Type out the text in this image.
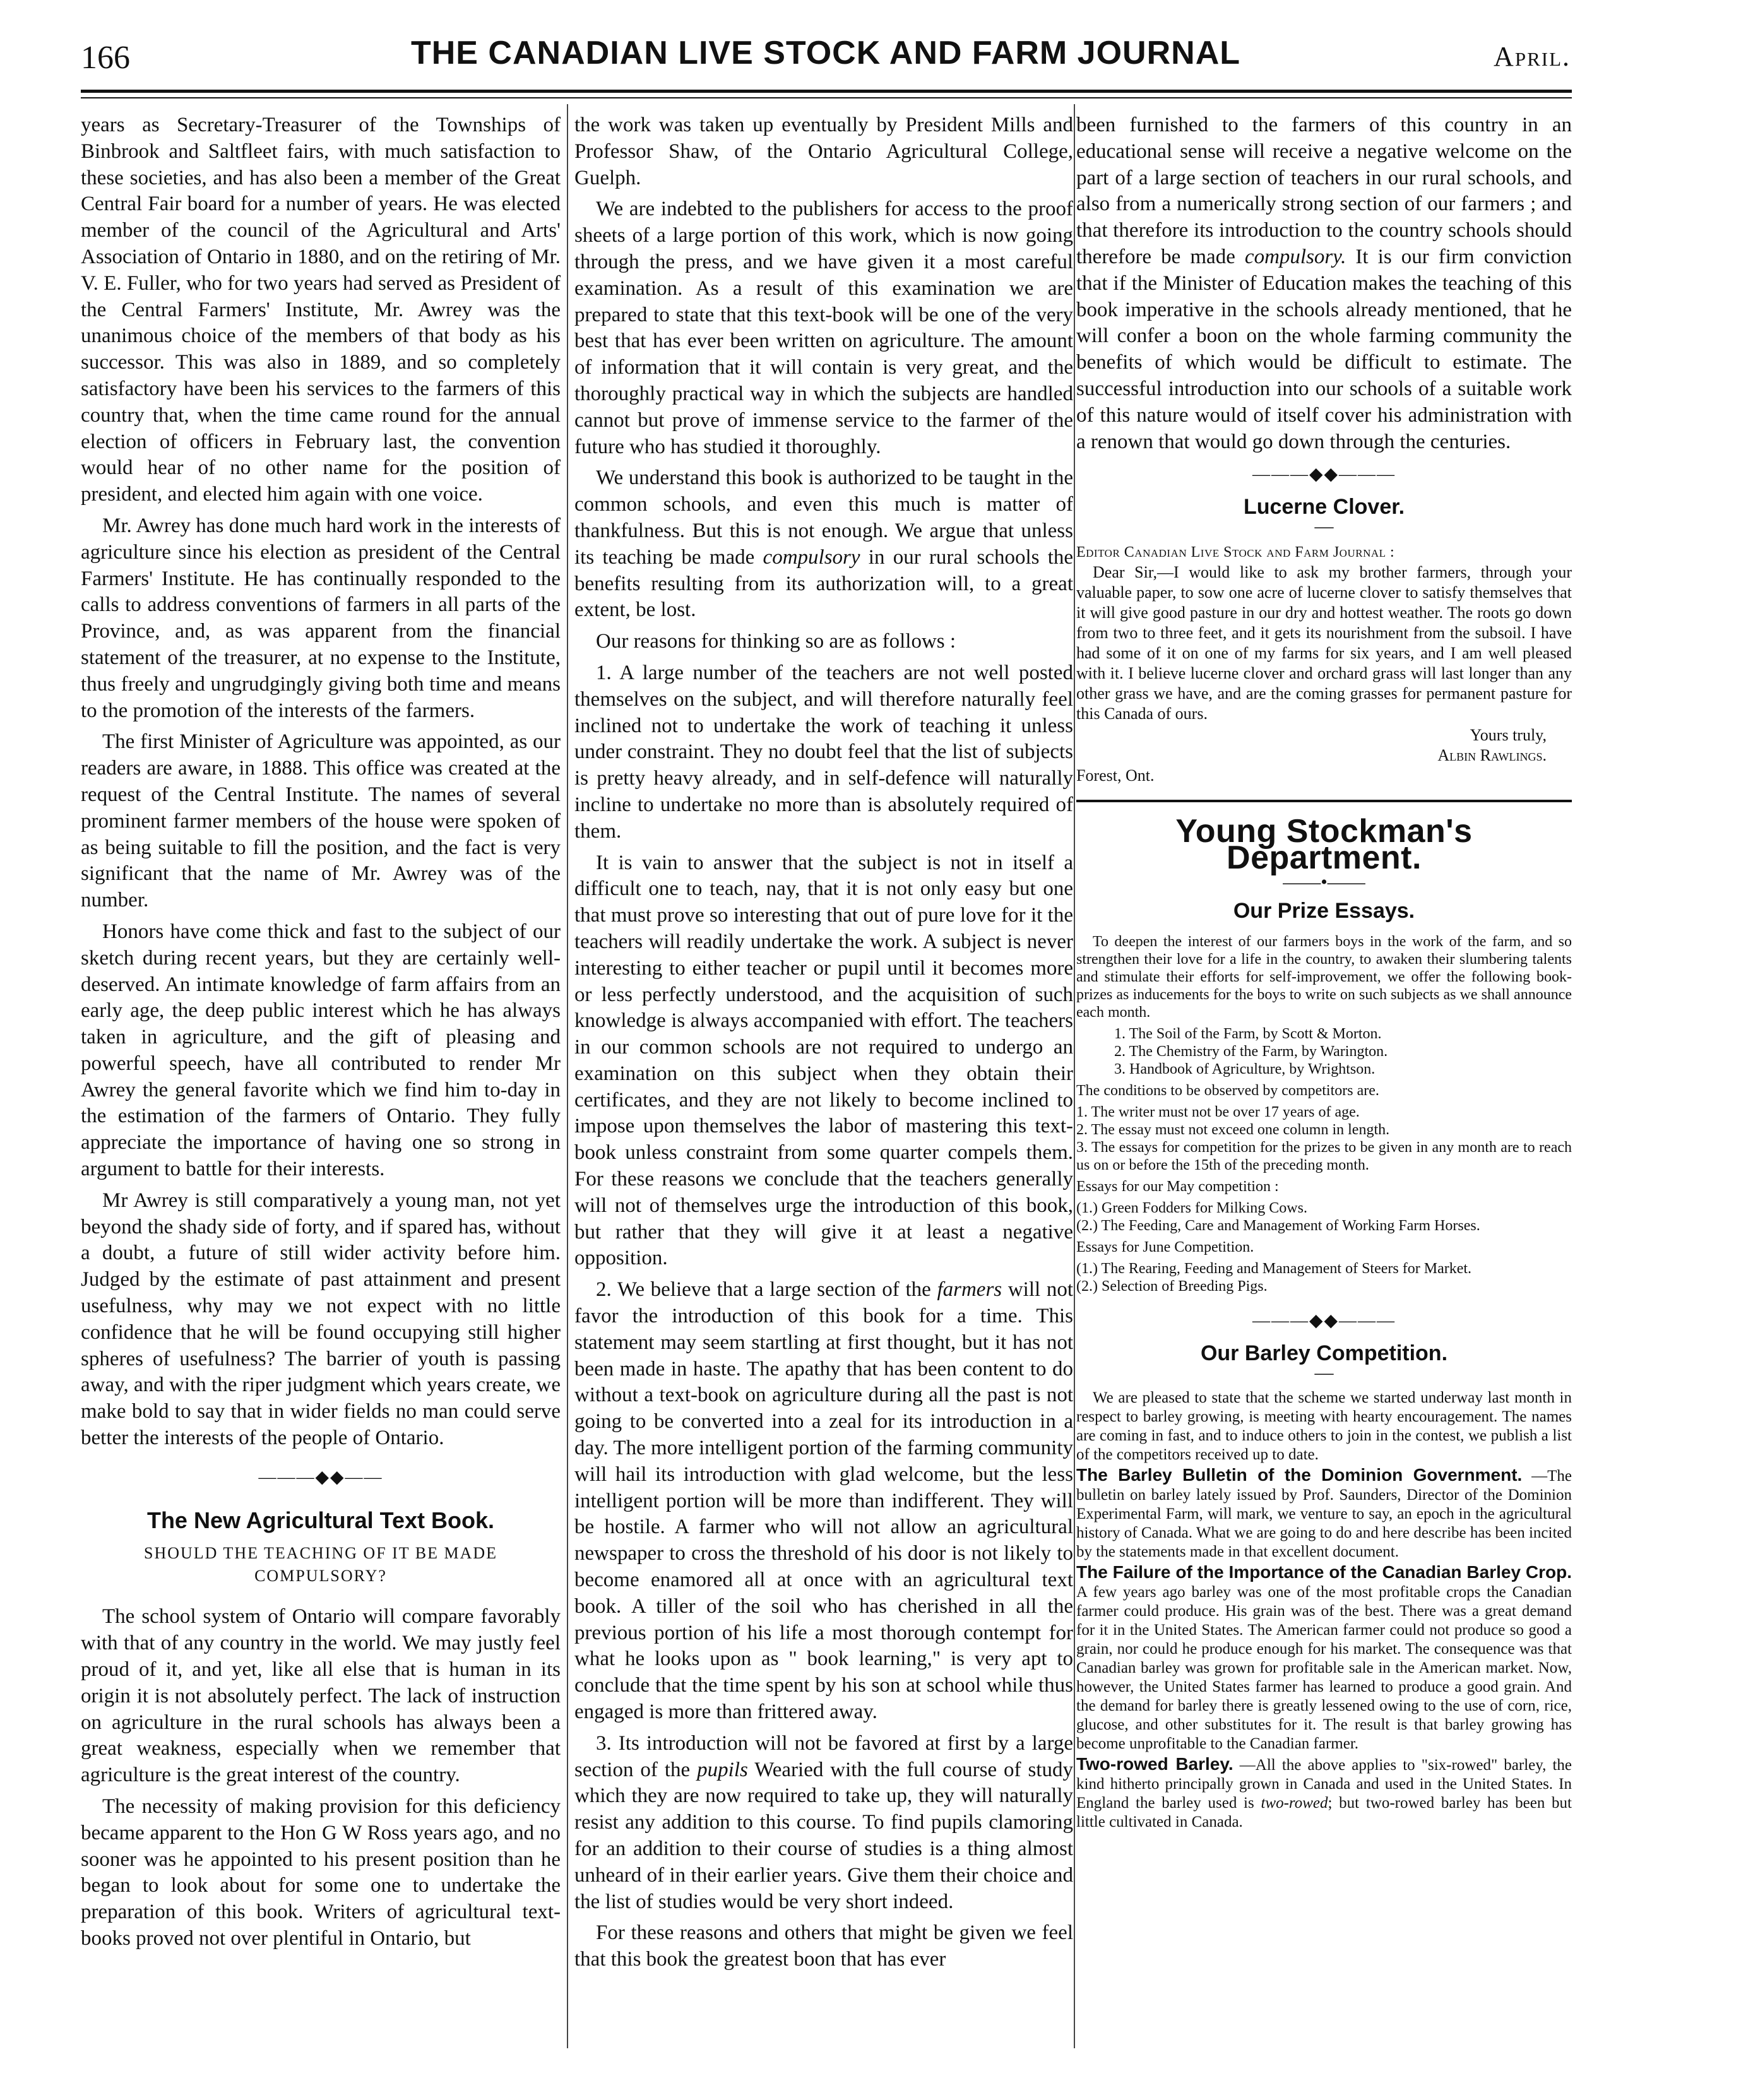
166	THE CANADIAN LIVE STOCK AND FARM JOURNAL	April.

years as Secretary-Treasurer of the Townships of Binbrook and Saltfleet fairs, with much satisfaction to these societies, and has also been a member of the Great Central Fair board for a number of years. He was elected member of the council of the Agricultural and Arts' Association of Ontario in 1880, and on the retiring of Mr. V. E. Fuller, who for two years had served as President of the Central Farmers' Institute, Mr. Awrey was the unanimous choice of the members of that body as his successor. This was also in 1889, and so completely satisfactory have been his services to the farmers of this country that, when the time came round for the annual election of officers in February last, the convention would hear of no other name for the position of president, and elected him again with one voice.

Mr. Awrey has done much hard work in the interests of agriculture since his election as president of the Central Farmers' Institute. He has continually responded to the calls to address conventions of farmers in all parts of the Province, and, as was apparent from the financial statement of the treasurer, at no expense to the Institute, thus freely and ungrudgingly giving both time and means to the promotion of the interests of the farmers.

The first Minister of Agriculture was appointed, as our readers are aware, in 1888. This office was created at the request of the Central Institute. The names of several prominent farmer members of the house were spoken of as being suitable to fill the position, and the fact is very significant that the name of Mr. Awrey was of the number.

Honors have come thick and fast to the subject of our sketch during recent years, but they are certainly well-deserved. An intimate knowledge of farm affairs from an early age, the deep public interest which he has always taken in agriculture, and the gift of pleasing and powerful speech, have all contributed to render Mr Awrey the general favorite which we find him to-day in the estimation of the farmers of Ontario. They fully appreciate the importance of having one so strong in argument to battle for their interests.

Mr Awrey is still comparatively a young man, not yet beyond the shady side of forty, and if spared has, without a doubt, a future of still wider activity before him. Judged by the estimate of past attainment and present usefulness, why may we not expect with no little confidence that he will be found occupying still higher spheres of usefulness? The barrier of youth is passing away, and with the riper judgment which years create, we make bold to say that in wider fields no man could serve better the interests of the people of Ontario.

———◆◆——
The New Agricultural Text Book.
SHOULD THE TEACHING OF IT BE MADE COMPULSORY?

The school system of Ontario will compare favorably with that of any country in the world. We may justly feel proud of it, and yet, like all else that is human in its origin it is not absolutely perfect. The lack of instruction on agriculture in the rural schools has always been a great weakness, especially when we remember that agriculture is the great interest of the country.

The necessity of making provision for this deficiency became apparent to the Hon G W Ross years ago, and no sooner was he appointed to his present position than he began to look about for some one to undertake the preparation of this book. Writers of agricultural text-books proved not over plentiful in Ontario, but

the work was taken up eventually by President Mills and Professor Shaw, of the Ontario Agricultural College, Guelph.

We are indebted to the publishers for access to the proof sheets of a large portion of this work, which is now going through the press, and we have given it a most careful examination. As a result of this examination we are prepared to state that this text-book will be one of the very best that has ever been written on agriculture. The amount of information that it will contain is very great, and the thoroughly practical way in which the subjects are handled cannot but prove of immense service to the farmer of the future who has studied it thoroughly.

We understand this book is authorized to be taught in the common schools, and even this much is matter of thankfulness. But this is not enough. We argue that unless its teaching be made compulsory in our rural schools the benefits resulting from its authorization will, to a great extent, be lost.

Our reasons for thinking so are as follows :

1. A large number of the teachers are not well posted themselves on the subject, and will therefore naturally feel inclined not to undertake the work of teaching it unless under constraint. They no doubt feel that the list of subjects is pretty heavy already, and in self-defence will naturally incline to undertake no more than is absolutely required of them.

It is vain to answer that the subject is not in itself a difficult one to teach, nay, that it is not only easy but one that must prove so interesting that out of pure love for it the teachers will readily undertake the work. A subject is never interesting to either teacher or pupil until it becomes more or less perfectly understood, and the acquisition of such knowledge is always accompanied with effort. The teachers in our common schools are not required to undergo an examination on this subject when they obtain their certificates, and they are not likely to become inclined to impose upon themselves the labor of mastering this text-book unless constraint from some quarter compels them. For these reasons we conclude that the teachers generally will not of themselves urge the introduction of this book, but rather that they will give it at least a negative opposition.

2. We believe that a large section of the farmers will not favor the introduction of this book for a time. This statement may seem startling at first thought, but it has not been made in haste. The apathy that has been content to do without a text-book on agriculture during all the past is not going to be converted into a zeal for its introduction in a day. The more intelligent portion of the farming community will hail its introduction with glad welcome, but the less intelligent portion will be more than indifferent. They will be hostile. A farmer who will not allow an agricultural newspaper to cross the threshold of his door is not likely to become enamored all at once with an agricultural text book. A tiller of the soil who has cherished in all the previous portion of his life a most thorough contempt for what he looks upon as " book learning," is very apt to conclude that the time spent by his son at school while thus engaged is more than frittered away.

3. Its introduction will not be favored at first by a large section of the pupils Wearied with the full course of study which they are now required to take up, they will naturally resist any addition to this course. To find pupils clamoring for an addition to their course of studies is a thing almost unheard of in their earlier years. Give them their choice and the list of studies would be very short indeed.

For these reasons and others that might be given we feel that this book the greatest boon that has ever

been furnished to the farmers of this country in an educational sense will receive a negative welcome on the part of a large section of teachers in our rural schools, and also from a numerically strong section of our farmers ; and that therefore its introduction to the country schools should therefore be made compulsory. It is our firm conviction that if the Minister of Education makes the teaching of this book imperative in the schools already mentioned, that he will confer a boon on the whole farming community the benefits of which would be difficult to estimate. The successful introduction into our schools of a suitable work of this nature would of itself cover his administration with a renown that would go down through the centuries.

———◆◆———
Lucerne Clover.
—
Editor Canadian Live Stock and Farm Journal :

Dear Sir,—I would like to ask my brother farmers, through your valuable paper, to sow one acre of lucerne clover to satisfy themselves that it will give good pasture in our dry and hottest weather. The roots go down from two to three feet, and it gets its nourishment from the subsoil. I have had some of it on one of my farms for six years, and I am well pleased with it. I believe lucerne clover and orchard grass will last longer than any other grass we have, and are the coming grasses for permanent pasture for this Canada of ours.

Yours truly,
Albin Rawlings.
Forest, Ont.
Young Stockman's Department.
——•——
Our Prize Essays.

To deepen the interest of our farmers boys in the work of the farm, and so strengthen their love for a life in the country, to awaken their slumbering talents and stimulate their efforts for self-improvement, we offer the following book-prizes as inducements for the boys to write on such subjects as we shall announce each month.

1. The Soil of the Farm, by Scott & Morton.
2. The Chemistry of the Farm, by Warington.
3. Handbook of Agriculture, by Wrightson.
The conditions to be observed by competitors are.
1. The writer must not be over 17 years of age.
2. The essay must not exceed one column in length.
3. The essays for competition for the prizes to be given in any month are to reach us on or before the 15th of the preceding month.
Essays for our May competition :
(1.) Green Fodders for Milking Cows.
(2.) The Feeding, Care and Management of Working Farm Horses.
Essays for June Competition.
(1.) The Rearing, Feeding and Management of Steers for Market.
(2.) Selection of Breeding Pigs.
———◆◆———
Our Barley Competition.
—

We are pleased to state that the scheme we started underway last month in respect to barley growing, is meeting with hearty encouragement. The names are coming in fast, and to induce others to join in the contest, we publish a list of the competitors received up to date.

The Barley Bulletin of the Dominion Government. —The bulletin on barley lately issued by Prof. Saunders, Director of the Dominion Experimental Farm, will mark, we venture to say, an epoch in the agricultural history of Canada. What we are going to do and here describe has been incited by the statements made in that excellent document.

The Failure of the Importance of the Canadian Barley Crop. A few years ago barley was one of the most profitable crops the Canadian farmer could produce. His grain was of the best. There was a great demand for it in the United States. The American farmer could not produce so good a grain, nor could he produce enough for his market. The consequence was that Canadian barley was grown for profitable sale in the American market. Now, however, the United States farmer has learned to produce a good grain. And the demand for barley there is greatly lessened owing to the use of corn, rice, glucose, and other substitutes for it. The result is that barley growing has become unprofitable to the Canadian farmer.

Two-rowed Barley. —All the above applies to "six-rowed" barley, the kind hitherto principally grown in Canada and used in the United States. In England the barley used is two-rowed; but two-rowed barley has been but little cultivated in Canada.
